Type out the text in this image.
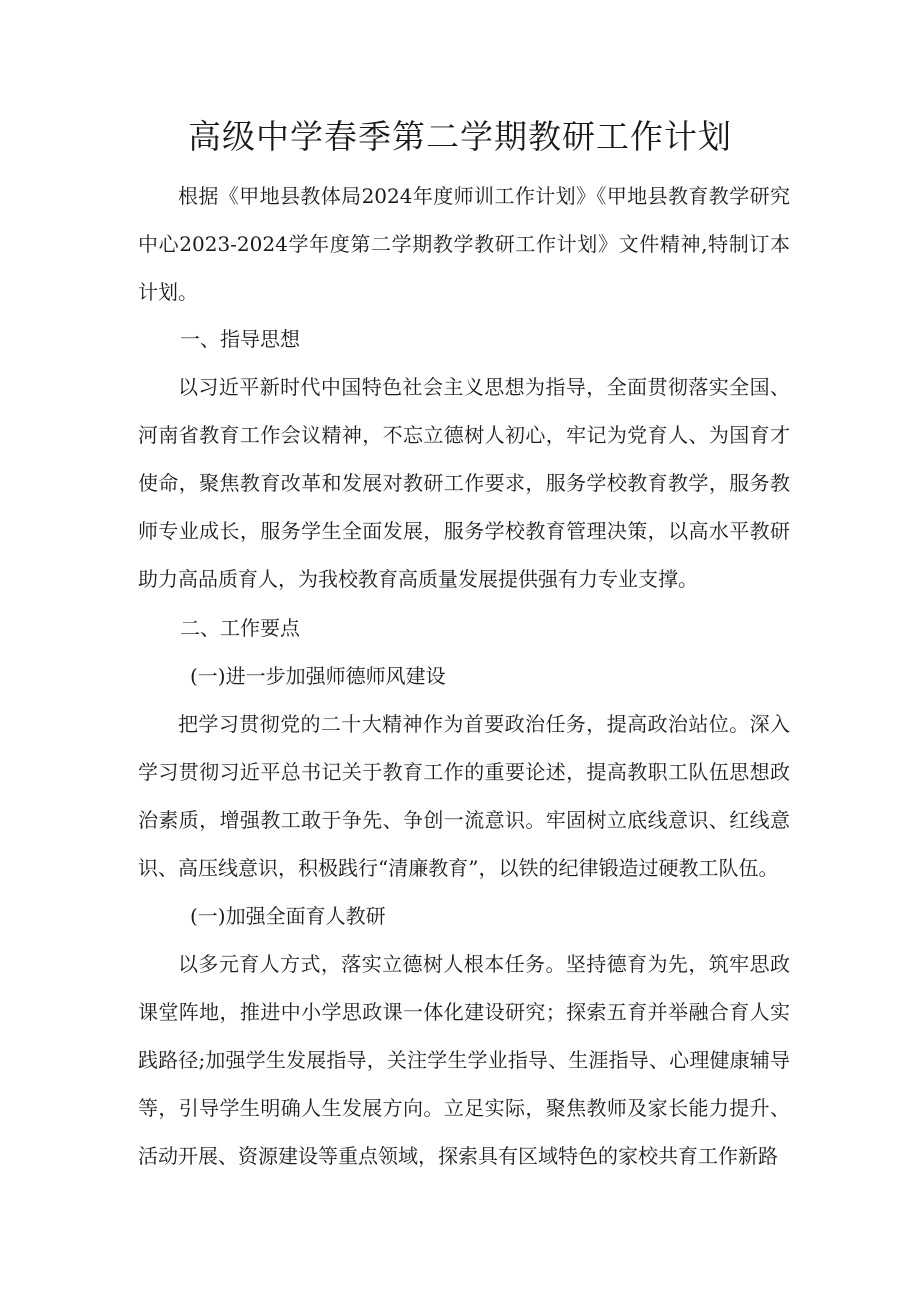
高级中学春季第二学期教研工作计划

根据《甲地县教体局2024年度师训工作计划》《甲地县教育教学研究中心2023-2024学年度第二学期教学教研工作计划》文件精神,特制订本计划。

一、指导思想

以习近平新时代中国特色社会主义思想为指导，全面贯彻落实全国、河南省教育工作会议精神，不忘立德树人初心，牢记为党育人、为国育才使命，聚焦教育改革和发展对教研工作要求，服务学校教育教学，服务教师专业成长，服务学生全面发展，服务学校教育管理决策，以高水平教研助力高品质育人，为我校教育高质量发展提供强有力专业支撑。

二、工作要点

(一)进一步加强师德师风建设

把学习贯彻党的二十大精神作为首要政治任务，提高政治站位。深入学习贯彻习近平总书记关于教育工作的重要论述，提高教职工队伍思想政治素质，增强教工敢于争先、争创一流意识。牢固树立底线意识、红线意识、高压线意识，积极践行“清廉教育”，以铁的纪律锻造过硬教工队伍。

(一)加强全面育人教研

以多元育人方式，落实立德树人根本任务。坚持德育为先，筑牢思政课堂阵地，推进中小学思政课一体化建设研究；探索五育并举融合育人实践路径;加强学生发展指导，关注学生学业指导、生涯指导、心理健康辅导等，引导学生明确人生发展方向。立足实际，聚焦教师及家长能力提升、活动开展、资源建设等重点领域，探索具有区域特色的家校共育工作新路
